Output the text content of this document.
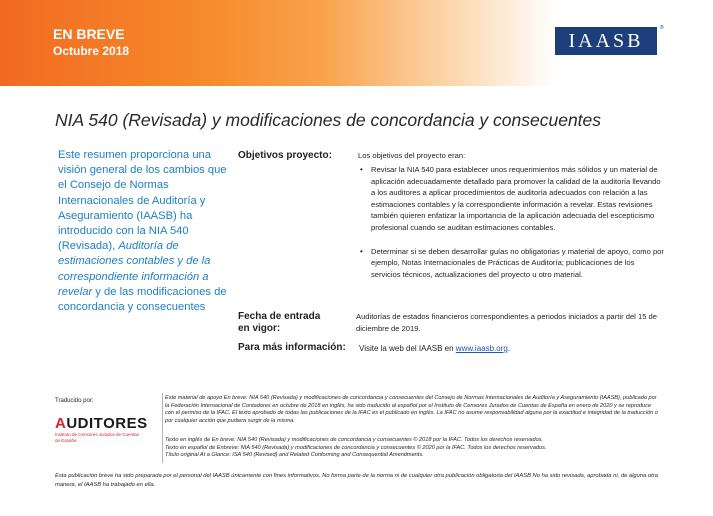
EN BREVE
Octubre 2018	IAASB
®
NIA 540 (Revisada) y modificaciones de concordancia y consecuentes
Este resumen proporciona una visión general de los cambios que el Consejo de Normas Internacionales de Auditoría y Aseguramiento (IAASB) ha introducido con la NIA 540 (Revisada), Auditoría de estimaciones contables y de la correspondiente información a revelar y de las modificaciones de concordancia y consecuentes
Objetivos proyecto:	Los objetivos del proyecto eran:
• Revisar la NIA 540 para establecer unos requerimientos más sólidos y un material de aplicación adecuadamente detallado para promover la calidad de la auditoría llevando a los auditores a aplicar procedimientos de auditoría adecuados con relación a las estimaciones contables y la correspondiente información a revelar. Estas revisiones también quieren enfatizar la importancia de la aplicación adecuada del escepticismo profesional cuando se auditan estimaciones contables.
• Determinar si se deben desarrollar guías no obligatorias y material de apoyo, como por ejemplo, Notas Internacionales de Prácticas de Auditoría; publicaciones de los servicios técnicos, actualizaciones del proyecto u otro material.
Fecha de entrada
en vigor:
Auditorías de estados financieros correspondientes a periodos iniciados a partir del 15 de diciembre de 2019.
Para más información: Visite la web del IAASB en www.iaasb.org.
Traducido por:
AUDITORES
Instituto de Censores Jurados de Cuentas de España
Este material de apoyo En breve: NIA 540 (Revisada) y modificaciones de concordancia y consecuentes del Consejo de Normas Internacionales de Auditoría y Aseguramiento (IAASB), publicado por la Federación Internacional de Contadores en octubre de 2018 en inglés, ha sido traducido al español por el Instituto de Censores Jurados de Cuentas de España en enero de 2020 y se reproduce con el permiso de la IFAC. El texto aprobado de todas las publicaciones de la IFAC es el publicado en inglés. La IFAC no asume responsabilidad alguna por la exactitud e integridad de la traducción o por cualquier acción que pudiera surgir de la misma.
Texto en inglés de En breve: NIA 540 (Revisada) y modificaciones de concordancia y consecuentes © 2018 por la IFAC. Todos los derechos reservados.
Texto en español de Enbreve: NIA 540 (Revisada) y modificaciones de concordancia y consecuentes © 2020 por la IFAC. Todos los derechos reservados.
Título original At a Glance: ISA 540 (Revised) and Related Conforming and Consequential Amendments.
Esta publicación breve ha sido preparada por el personal del IAASB únicamente con fines informativos. No forma parte de la norma ni de cualquier otra publicación obligatoria del IAASB No ha sido revisada, aprobada ni, de alguna otra manera, el IAASB ha trabajado en ella.
